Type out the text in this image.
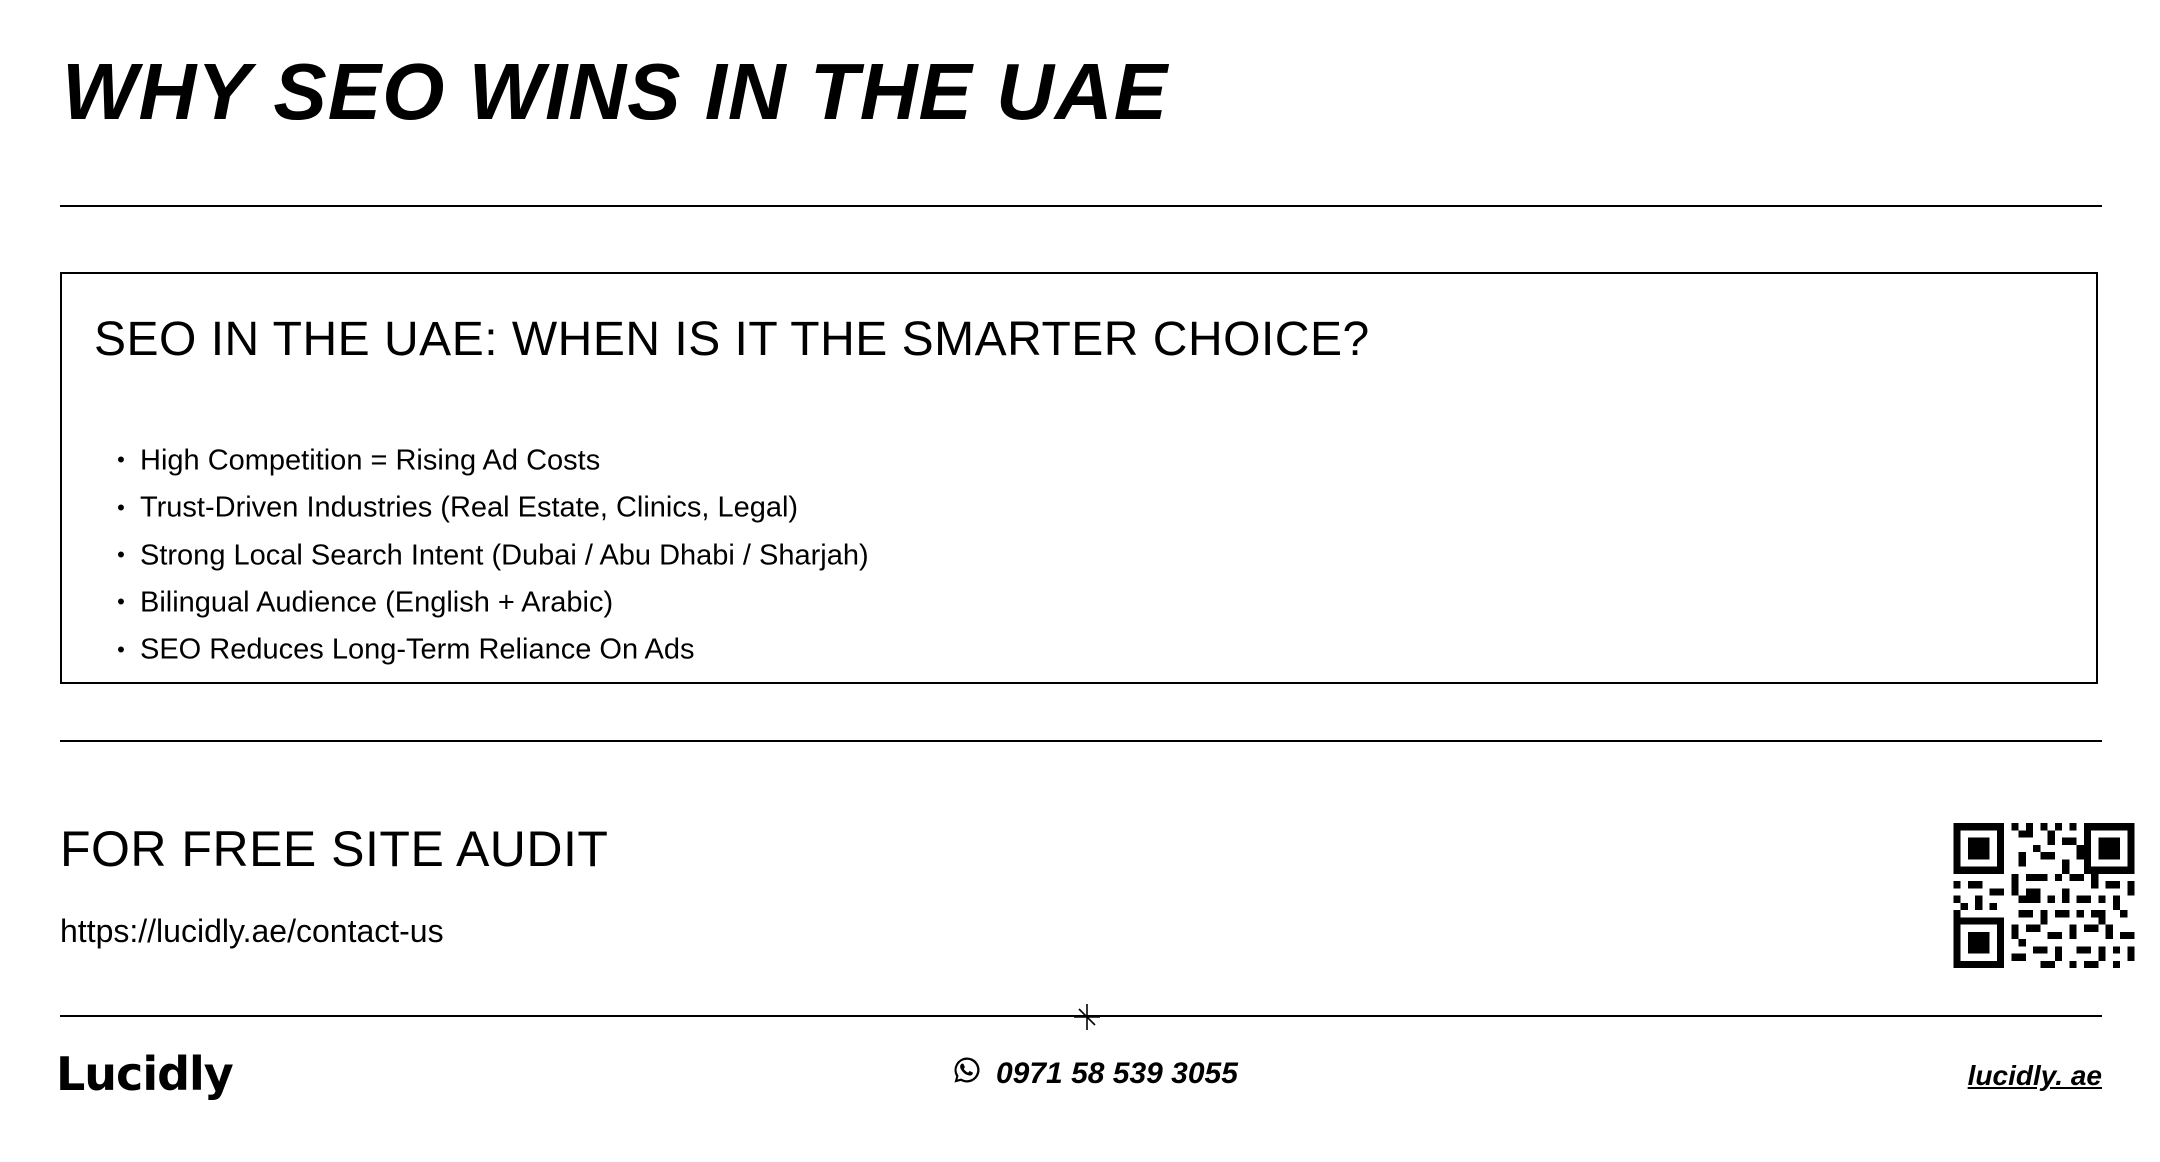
WHY SEO WINS IN THE UAE
SEO IN THE UAE: WHEN IS IT THE SMARTER CHOICE?
• High Competition = Rising Ad Costs
• Trust-Driven Industries (Real Estate, Clinics, Legal)
• Strong Local Search Intent (Dubai / Abu Dhabi / Sharjah)
• Bilingual Audience (English + Arabic)
• SEO Reduces Long-Term Reliance On Ads
FOR FREE SITE AUDIT
https://lucidly.ae/contact-us
Lucidly	0971 58 539 3055	lucidly. ae
